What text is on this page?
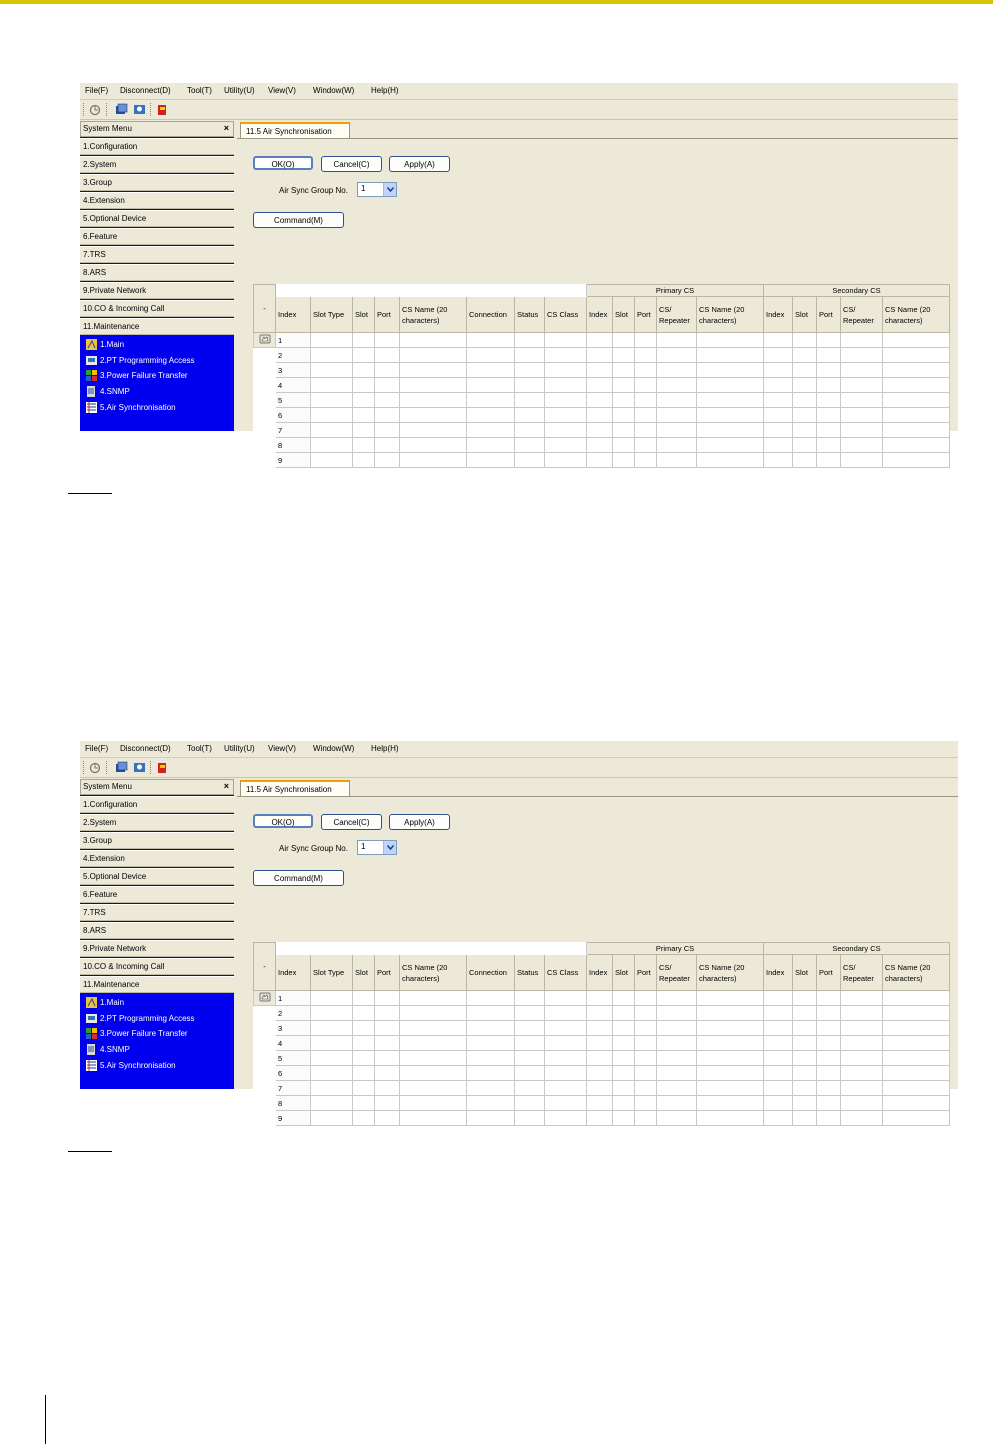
File(F) Disconnect(D) Tool(T) Utility(U) View(V) Window(W) Help(H)
System Menu	×
1.Configuration
2.System
3.Group
4.Extension
5.Optional Device
6.Feature
7.TRS
8.ARS
9.Private Network
10.CO & Incoming Call
11.Maintenance
1.Main
2.PT Programming Access
3.Power Failure Transfer
4.SNMP
5.Air Synchronisation
11.5 Air Synchronisation
OK(O)	Cancel(C)	Apply(A)
Air Sync Group No. 1
Command(M)
-									Primary CS					Secondary CS				
	Index	Slot Type	Slot	Port	CS Name (20 characters)	Connection	Status	CS Class	Index	Slot	Port	CS/ Repeater	CS Name (20 characters)	Index	Slot	Port	CS/ Repeater	CS Name (20 characters)
	1																	
	2																	
	3																	
	4																	
	5																	
	6																	
	7																	
	8																	
	9																	
File(F) Disconnect(D) Tool(T) Utility(U) View(V) Window(W) Help(H)
System Menu	×
1.Configuration
2.System
3.Group
4.Extension
5.Optional Device
6.Feature
7.TRS
8.ARS
9.Private Network
10.CO & Incoming Call
11.Maintenance
1.Main
2.PT Programming Access
3.Power Failure Transfer
4.SNMP
5.Air Synchronisation
11.5 Air Synchronisation
OK(O)	Cancel(C)	Apply(A)
Air Sync Group No. 1
Command(M)
-									Primary CS					Secondary CS				
	Index	Slot Type	Slot	Port	CS Name (20 characters)	Connection	Status	CS Class	Index	Slot	Port	CS/ Repeater	CS Name (20 characters)	Index	Slot	Port	CS/ Repeater	CS Name (20 characters)
	1																	
	2																	
	3																	
	4																	
	5																	
	6																	
	7																	
	8																	
	9																	
